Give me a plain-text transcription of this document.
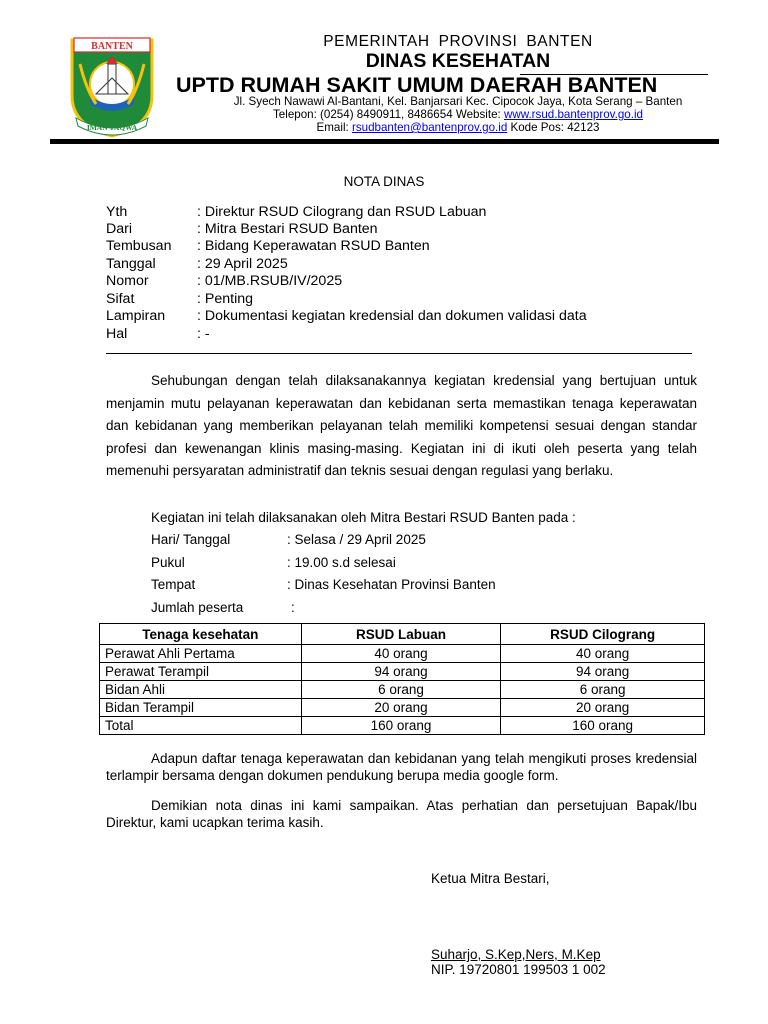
BANTEN
IMAN TAQWA
PEMERINTAH PROVINSI BANTEN
DINAS KESEHATAN
UPTD RUMAH SAKIT UMUM DAERAH BANTEN
Jl. Syech Nawawi Al-Bantani, Kel. Banjarsari Kec. Cipocok Jaya, Kota Serang – Banten
Telepon: (0254) 8490911, 8486654 Website: www.rsud.bantenprov.go.id
Email: rsudbanten@bantenprov.go.id Kode Pos: 42123
NOTA DINAS
Yth	: Direktur RSUD Cilograng dan RSUD Labuan
Dari	: Mitra Bestari RSUD Banten
Tembusan : Bidang Keperawatan RSUD Banten
Tanggal	: 29 April 2025
Nomor	: 01/MB.RSUB/IV/2025
Sifat	: Penting
Lampiran : Dokumentasi kegiatan kredensial dan dokumen validasi data
Hal	: -
Sehubungan dengan telah dilaksanakannya kegiatan kredensial yang bertujuan untuk menjamin mutu pelayanan keperawatan dan kebidanan serta memastikan tenaga keperawatan dan kebidanan yang memberikan pelayanan telah memiliki kompetensi sesuai dengan standar profesi dan kewenangan klinis masing-masing. Kegiatan ini di ikuti oleh peserta yang telah memenuhi persyaratan administratif dan teknis sesuai dengan regulasi yang berlaku.
Kegiatan ini telah dilaksanakan oleh Mitra Bestari RSUD Banten pada :
Hari/ Tanggal	: Selasa / 29 April 2025
Pukul	: 19.00 s.d selesai
Tempat	: Dinas Kesehatan Provinsi Banten
Jumlah peserta	:
Tenaga kesehatan	RSUD Labuan	RSUD Cilograng
Perawat Ahli Pertama	40 orang	40 orang
Perawat Terampil	94 orang	94 orang
Bidan Ahli	6 orang	6 orang
Bidan Terampil	20 orang	20 orang
Total	160 orang	160 orang
Adapun daftar tenaga keperawatan dan kebidanan yang telah mengikuti proses kredensial terlampir bersama dengan dokumen pendukung berupa media google form.
Demikian nota dinas ini kami sampaikan. Atas perhatian dan persetujuan Bapak/Ibu Direktur, kami ucapkan terima kasih.
Ketua Mitra Bestari,
Suharjo, S.Kep,Ners, M.Kep
NIP. 19720801 199503 1 002
